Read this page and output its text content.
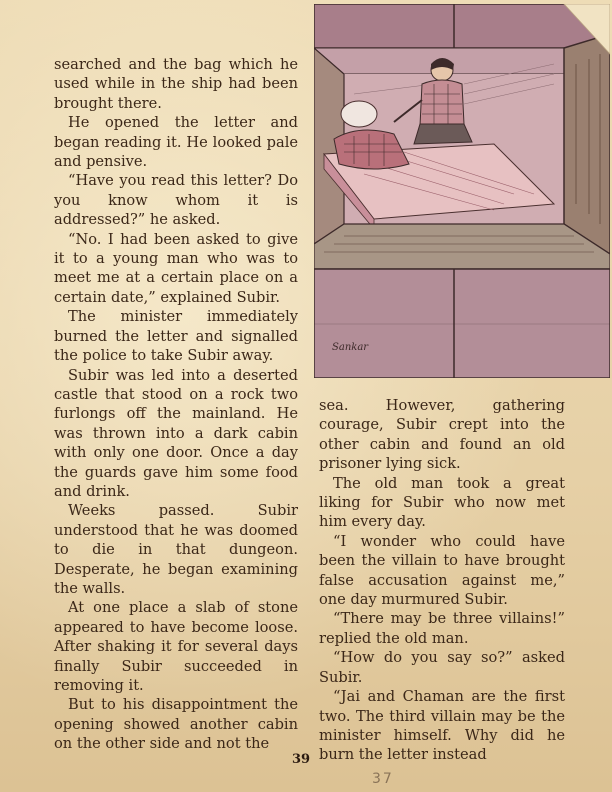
searched and the bag which he used while in the ship had been brought there.

He opened the letter and began reading it. He looked pale and pensive.

“Have you read this letter? Do you know whom it is addressed?” he asked.

“No. I had been asked to give it to a young man who was to meet me at a certain place on a certain date,” explained Subir.

The minister immediately burned the letter and signalled the police to take Subir away.

Subir was led into a deserted castle that stood on a rock two furlongs off the mainland. He was thrown into a dark cabin with only one door. Once a day the guards gave him some food and drink.

Weeks passed. Subir understood that he was doomed to die in that dungeon. Desperate, he began examining the walls.

At one place a slab of stone appeared to have become loose. After shaking it for several days finally Subir succeeded in removing it.

But to his disappointment the opening showed another cabin on the other side and not the

Sankar

sea. However, gathering courage, Subir crept into the other cabin and found an old prisoner lying sick.

The old man took a great liking for Subir who now met him every day.

“I wonder who could have been the villain to have brought false accusation against me,” one day murmured Subir.

“There may be three villains!” replied the old man.

“How do you say so?” asked Subir.

“Jai and Chaman are the first two. The third villain may be the minister himself. Why did he burn the letter instead

39
37
